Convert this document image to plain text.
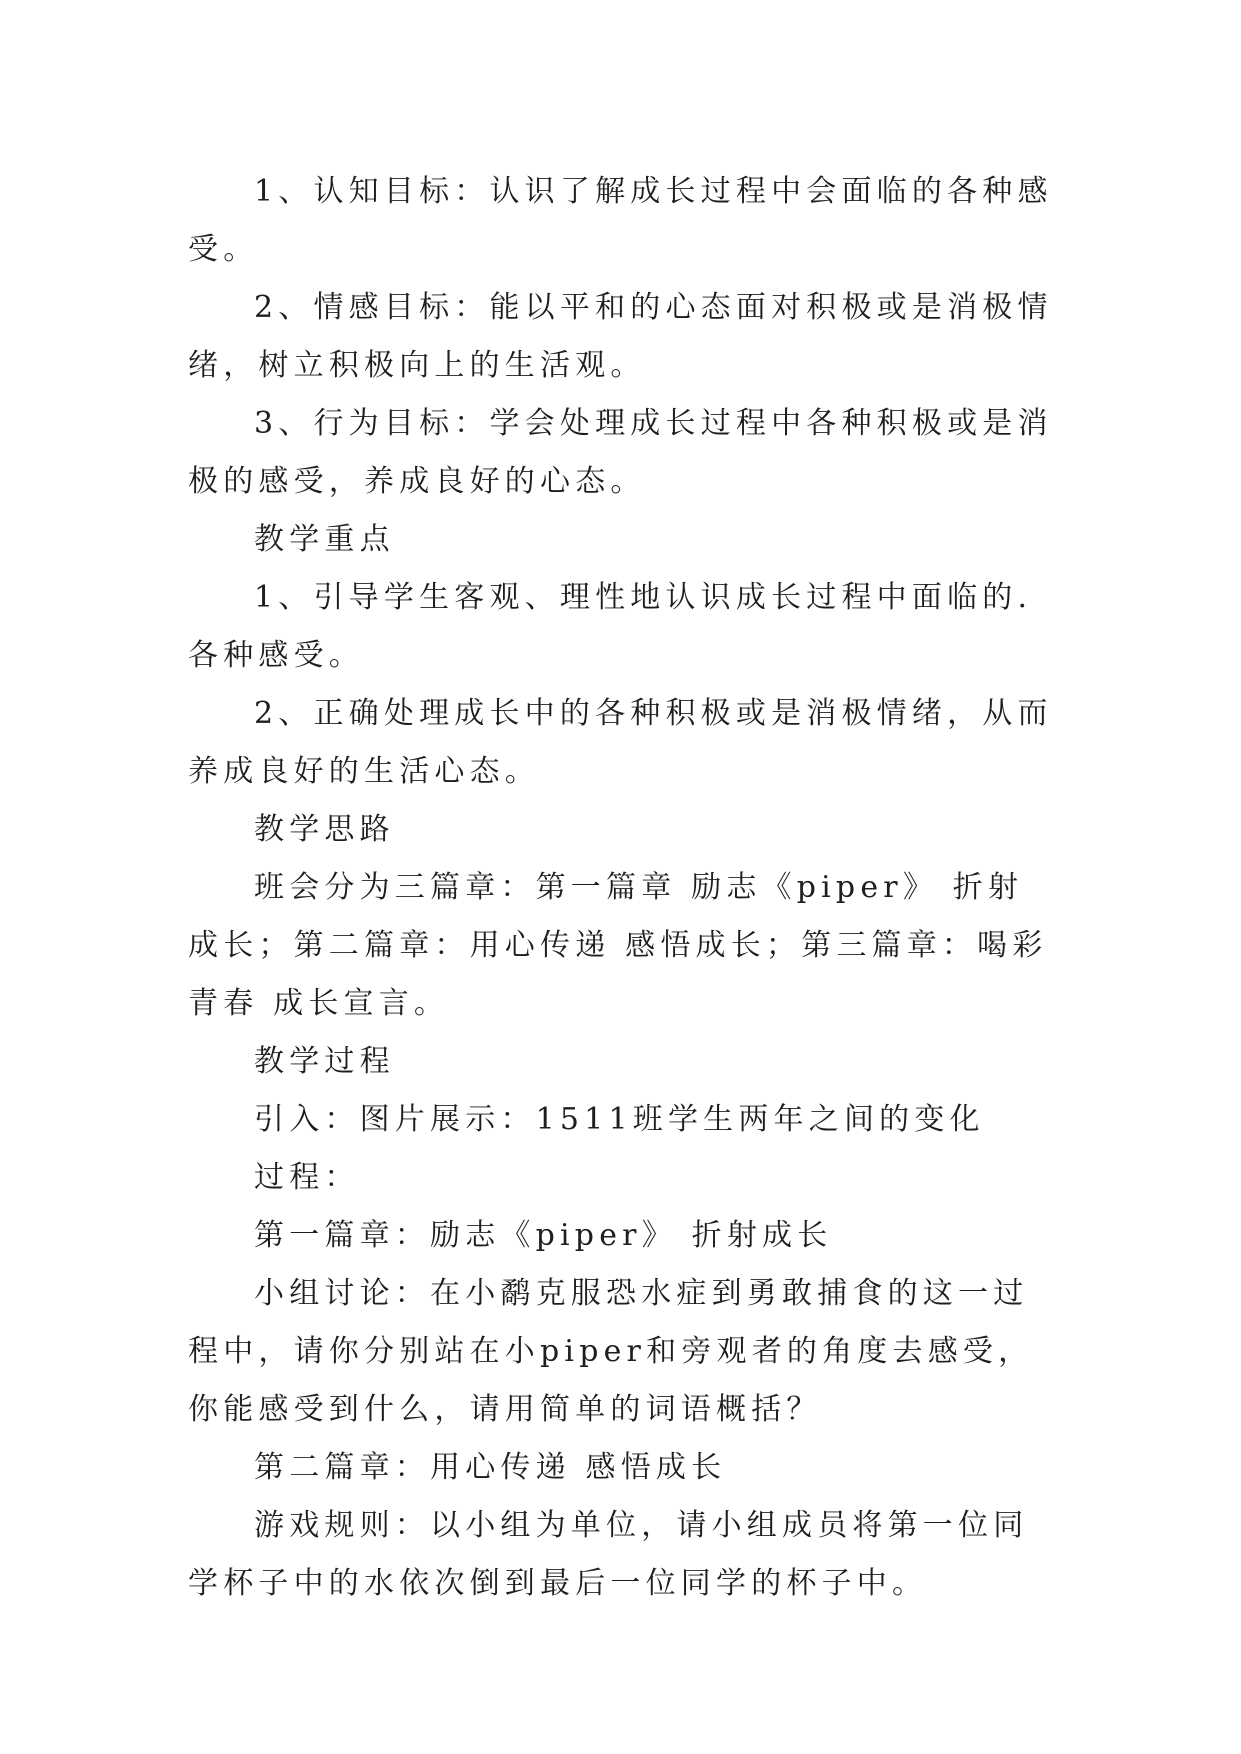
1、认知目标：认识了解成长过程中会面临的各种感受。

2、情感目标：能以平和的心态面对积极或是消极情绪，树立积极向上的生活观。

3、行为目标：学会处理成长过程中各种积极或是消极的感受，养成良好的心态。

教学重点

1、引导学生客观、理性地认识成长过程中面临的.各种感受。

2、正确处理成长中的各种积极或是消极情绪，从而养成良好的生活心态。

教学思路

班会分为三篇章：第一篇章 励志《piper》 折射成长；第二篇章：用心传递 感悟成长；第三篇章：喝彩青春 成长宣言。

教学过程

引入：图片展示：1511班学生两年之间的变化

过程：

第一篇章：励志《piper》 折射成长

小组讨论：在小鹬克服恐水症到勇敢捕食的这一过程中，请你分别站在小piper和旁观者的角度去感受，你能感受到什么，请用简单的词语概括？

第二篇章：用心传递 感悟成长

游戏规则：以小组为单位，请小组成员将第一位同学杯子中的水依次倒到最后一位同学的杯子中。
